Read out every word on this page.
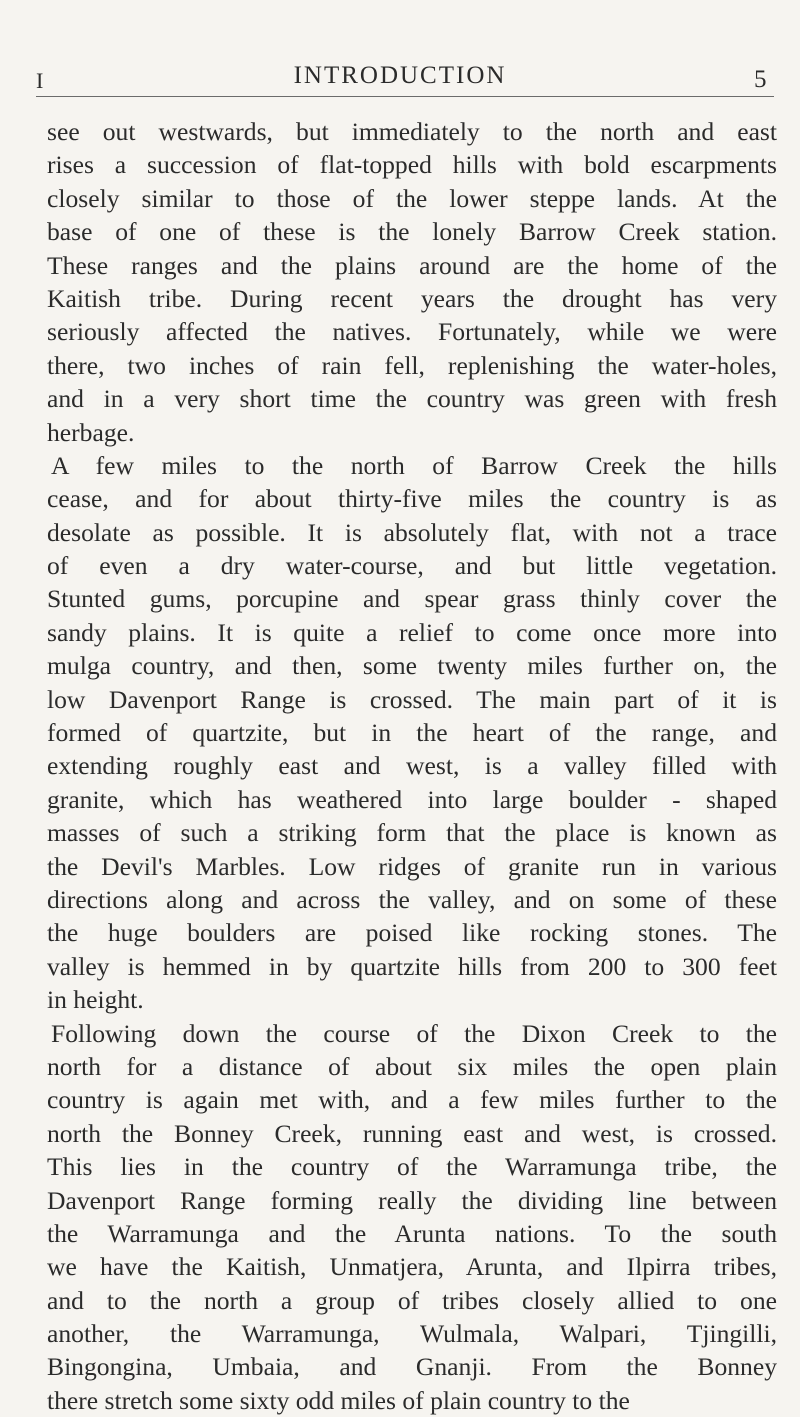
I	INTRODUCTION	5
see out westwards, but immediately to the north and east
rises a succession of flat-topped hills with bold escarpments
closely similar to those of the lower steppe lands. At the
base of one of these is the lonely Barrow Creek station.
These ranges and the plains around are the home of the
Kaitish tribe. During recent years the drought has very
seriously affected the natives. Fortunately, while we were
there, two inches of rain fell, replenishing the water-holes,
and in a very short time the country was green with fresh
herbage.
A few miles to the north of Barrow Creek the hills
cease, and for about thirty-five miles the country is as
desolate as possible. It is absolutely flat, with not a trace
of even a dry water-course, and but little vegetation.
Stunted gums, porcupine and spear grass thinly cover the
sandy plains. It is quite a relief to come once more into
mulga country, and then, some twenty miles further on, the
low Davenport Range is crossed. The main part of it is
formed of quartzite, but in the heart of the range, and
extending roughly east and west, is a valley filled with
granite, which has weathered into large boulder - shaped
masses of such a striking form that the place is known as
the Devil's Marbles. Low ridges of granite run in various
directions along and across the valley, and on some of these
the huge boulders are poised like rocking stones. The
valley is hemmed in by quartzite hills from 200 to 300 feet
in height.
Following down the course of the Dixon Creek to the
north for a distance of about six miles the open plain
country is again met with, and a few miles further to the
north the Bonney Creek, running east and west, is crossed.
This lies in the country of the Warramunga tribe, the
Davenport Range forming really the dividing line between
the Warramunga and the Arunta nations. To the south
we have the Kaitish, Unmatjera, Arunta, and Ilpirra tribes,
and to the north a group of tribes closely allied to one
another, the Warramunga, Wulmala, Walpari, Tjingilli,
Bingongina, Umbaia, and Gnanji. From the Bonney
there stretch some sixty odd miles of plain country to the
